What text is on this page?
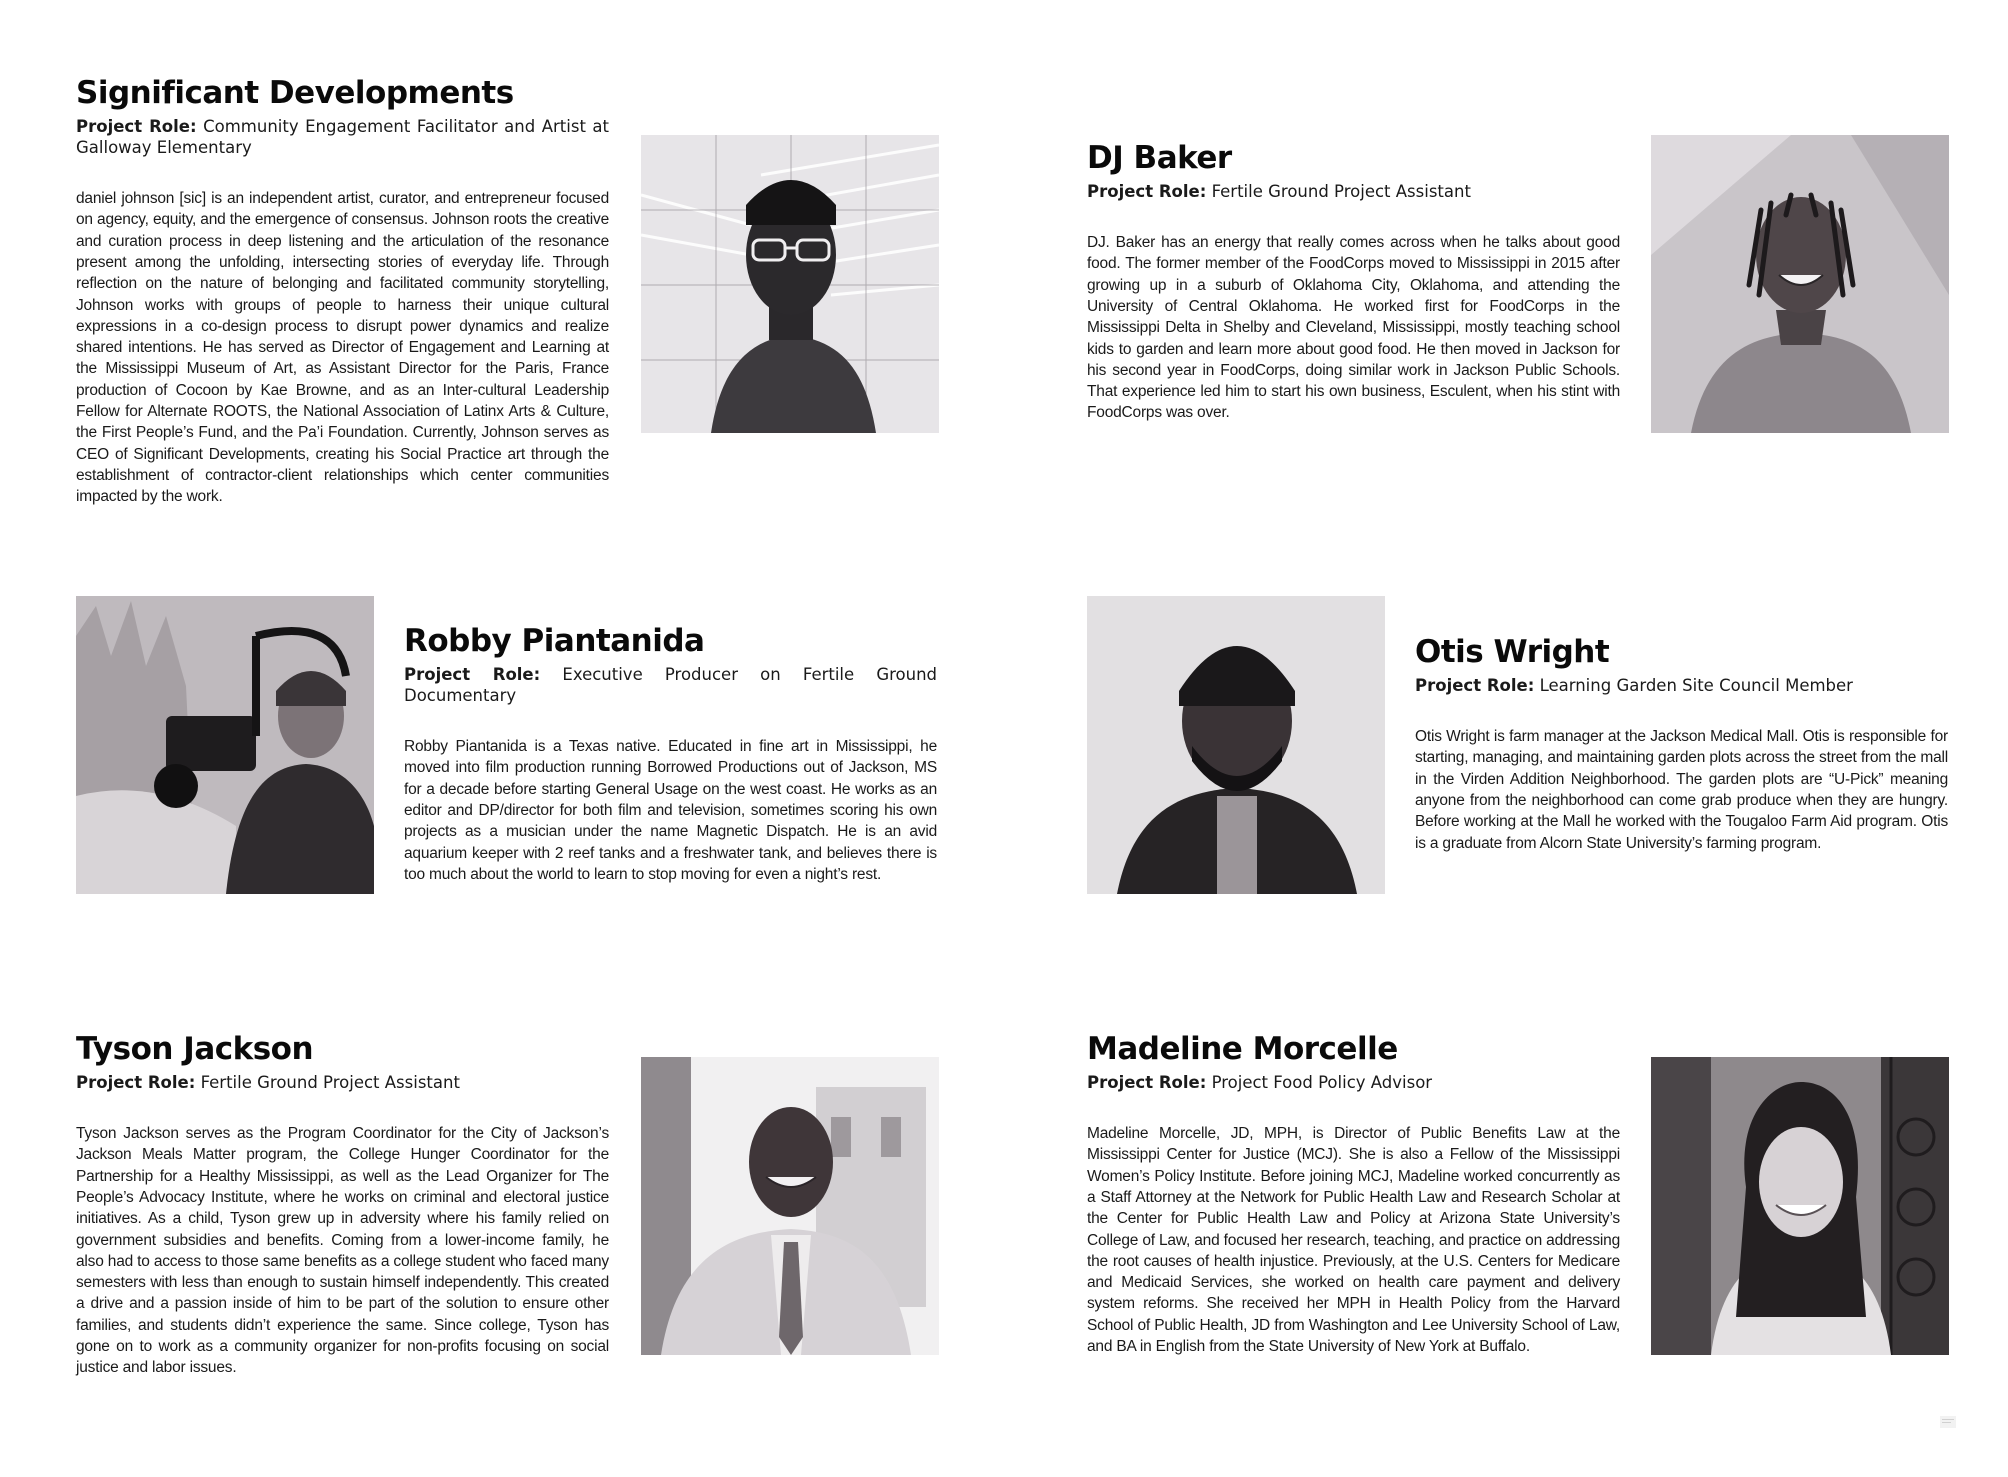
Significant Developments

Project Role: Community Engagement Facilitator and Artist at Galloway Elementary

daniel johnson [sic] is an independent artist, curator, and entrepreneur focused on agency, equity, and the emergence of consensus. Johnson roots the creative and curation process in deep listening and the articulation of the resonance present among the unfolding, intersecting stories of everyday life. Through reflection on the nature of belonging and facilitated community storytelling, Johnson works with groups of people to harness their unique cultural expressions in a co-design process to disrupt power dynamics and realize shared intentions. He has served as Director of Engagement and Learning at the Mississippi Museum of Art, as Assistant Director for the Paris, France production of Cocoon by Kae Browne, and as an Inter-cultural Leadership Fellow for Alternate ROOTS, the National Association of Latinx Arts & Culture, the First People’s Fund, and the Pa’i Foundation. Currently, Johnson serves as CEO of Significant Developments, creating his Social Practice art through the establishment of contractor-client relationships which center communities impacted by the work.

DJ Baker

Project Role: Fertile Ground Project Assistant

DJ. Baker has an energy that really comes across when he talks about good food. The former member of the FoodCorps moved to Mississippi in 2015 after growing up in a suburb of Oklahoma City, Oklahoma, and attending the University of Central Oklahoma. He worked first for FoodCorps in the Mississippi Delta in Shelby and Cleveland, Mississippi, mostly teaching school kids to garden and learn more about good food. He then moved in Jackson for his second year in FoodCorps, doing similar work in Jackson Public Schools. That experience led him to start his own business, Esculent, when his stint with FoodCorps was over.

Robby Piantanida

Project Role: Executive Producer on Fertile Ground Documentary

Robby Piantanida is a Texas native. Educated in fine art in Mississippi, he moved into film production running Borrowed Productions out of Jackson, MS for a decade before starting General Usage on the west coast. He works as an editor and DP/director for both film and television, sometimes scoring his own projects as a musician under the name Magnetic Dispatch. He is an avid aquarium keeper with 2 reef tanks and a freshwater tank, and believes there is too much about the world to learn to stop moving for even a night’s rest.

Otis Wright

Project Role: Learning Garden Site Council Member

Otis Wright is farm manager at the Jackson Medical Mall. Otis is responsible for starting, managing, and maintaining garden plots across the street from the mall in the Virden Addition Neighborhood. The garden plots are “U-Pick” meaning anyone from the neighborhood can come grab produce when they are hungry. Before working at the Mall he worked with the Tougaloo Farm Aid program. Otis is a graduate from Alcorn State University’s farming program.

Tyson Jackson

Project Role: Fertile Ground Project Assistant

Tyson Jackson serves as the Program Coordinator for the City of Jackson’s Jackson Meals Matter program, the College Hunger Coordinator for the Partnership for a Healthy Mississippi, as well as the Lead Organizer for The People’s Advocacy Institute, where he works on criminal and electoral justice initiatives. As a child, Tyson grew up in adversity where his family relied on government subsidies and benefits. Coming from a lower-income family, he also had to access to those same benefits as a college student who faced many semesters with less than enough to sustain himself independently. This created a drive and a passion inside of him to be part of the solution to ensure other families, and students didn’t experience the same. Since college, Tyson has gone on to work as a community organizer for non-profits focusing on social justice and labor issues.

Madeline Morcelle

Project Role: Project Food Policy Advisor

Madeline Morcelle, JD, MPH, is Director of Public Benefits Law at the Mississippi Center for Justice (MCJ). She is also a Fellow of the Mississippi Women’s Policy Institute. Before joining MCJ, Madeline worked concurrently as a Staff Attorney at the Network for Public Health Law and Research Scholar at the Center for Public Health Law and Policy at Arizona State University’s College of Law, and focused her research, teaching, and practice on addressing the root causes of health injustice. Previously, at the U.S. Centers for Medicare and Medicaid Services, she worked on health care payment and delivery system reforms. She received her MPH in Health Policy from the Harvard School of Public Health, JD from Washington and Lee University School of Law, and BA in English from the State University of New York at Buffalo.
